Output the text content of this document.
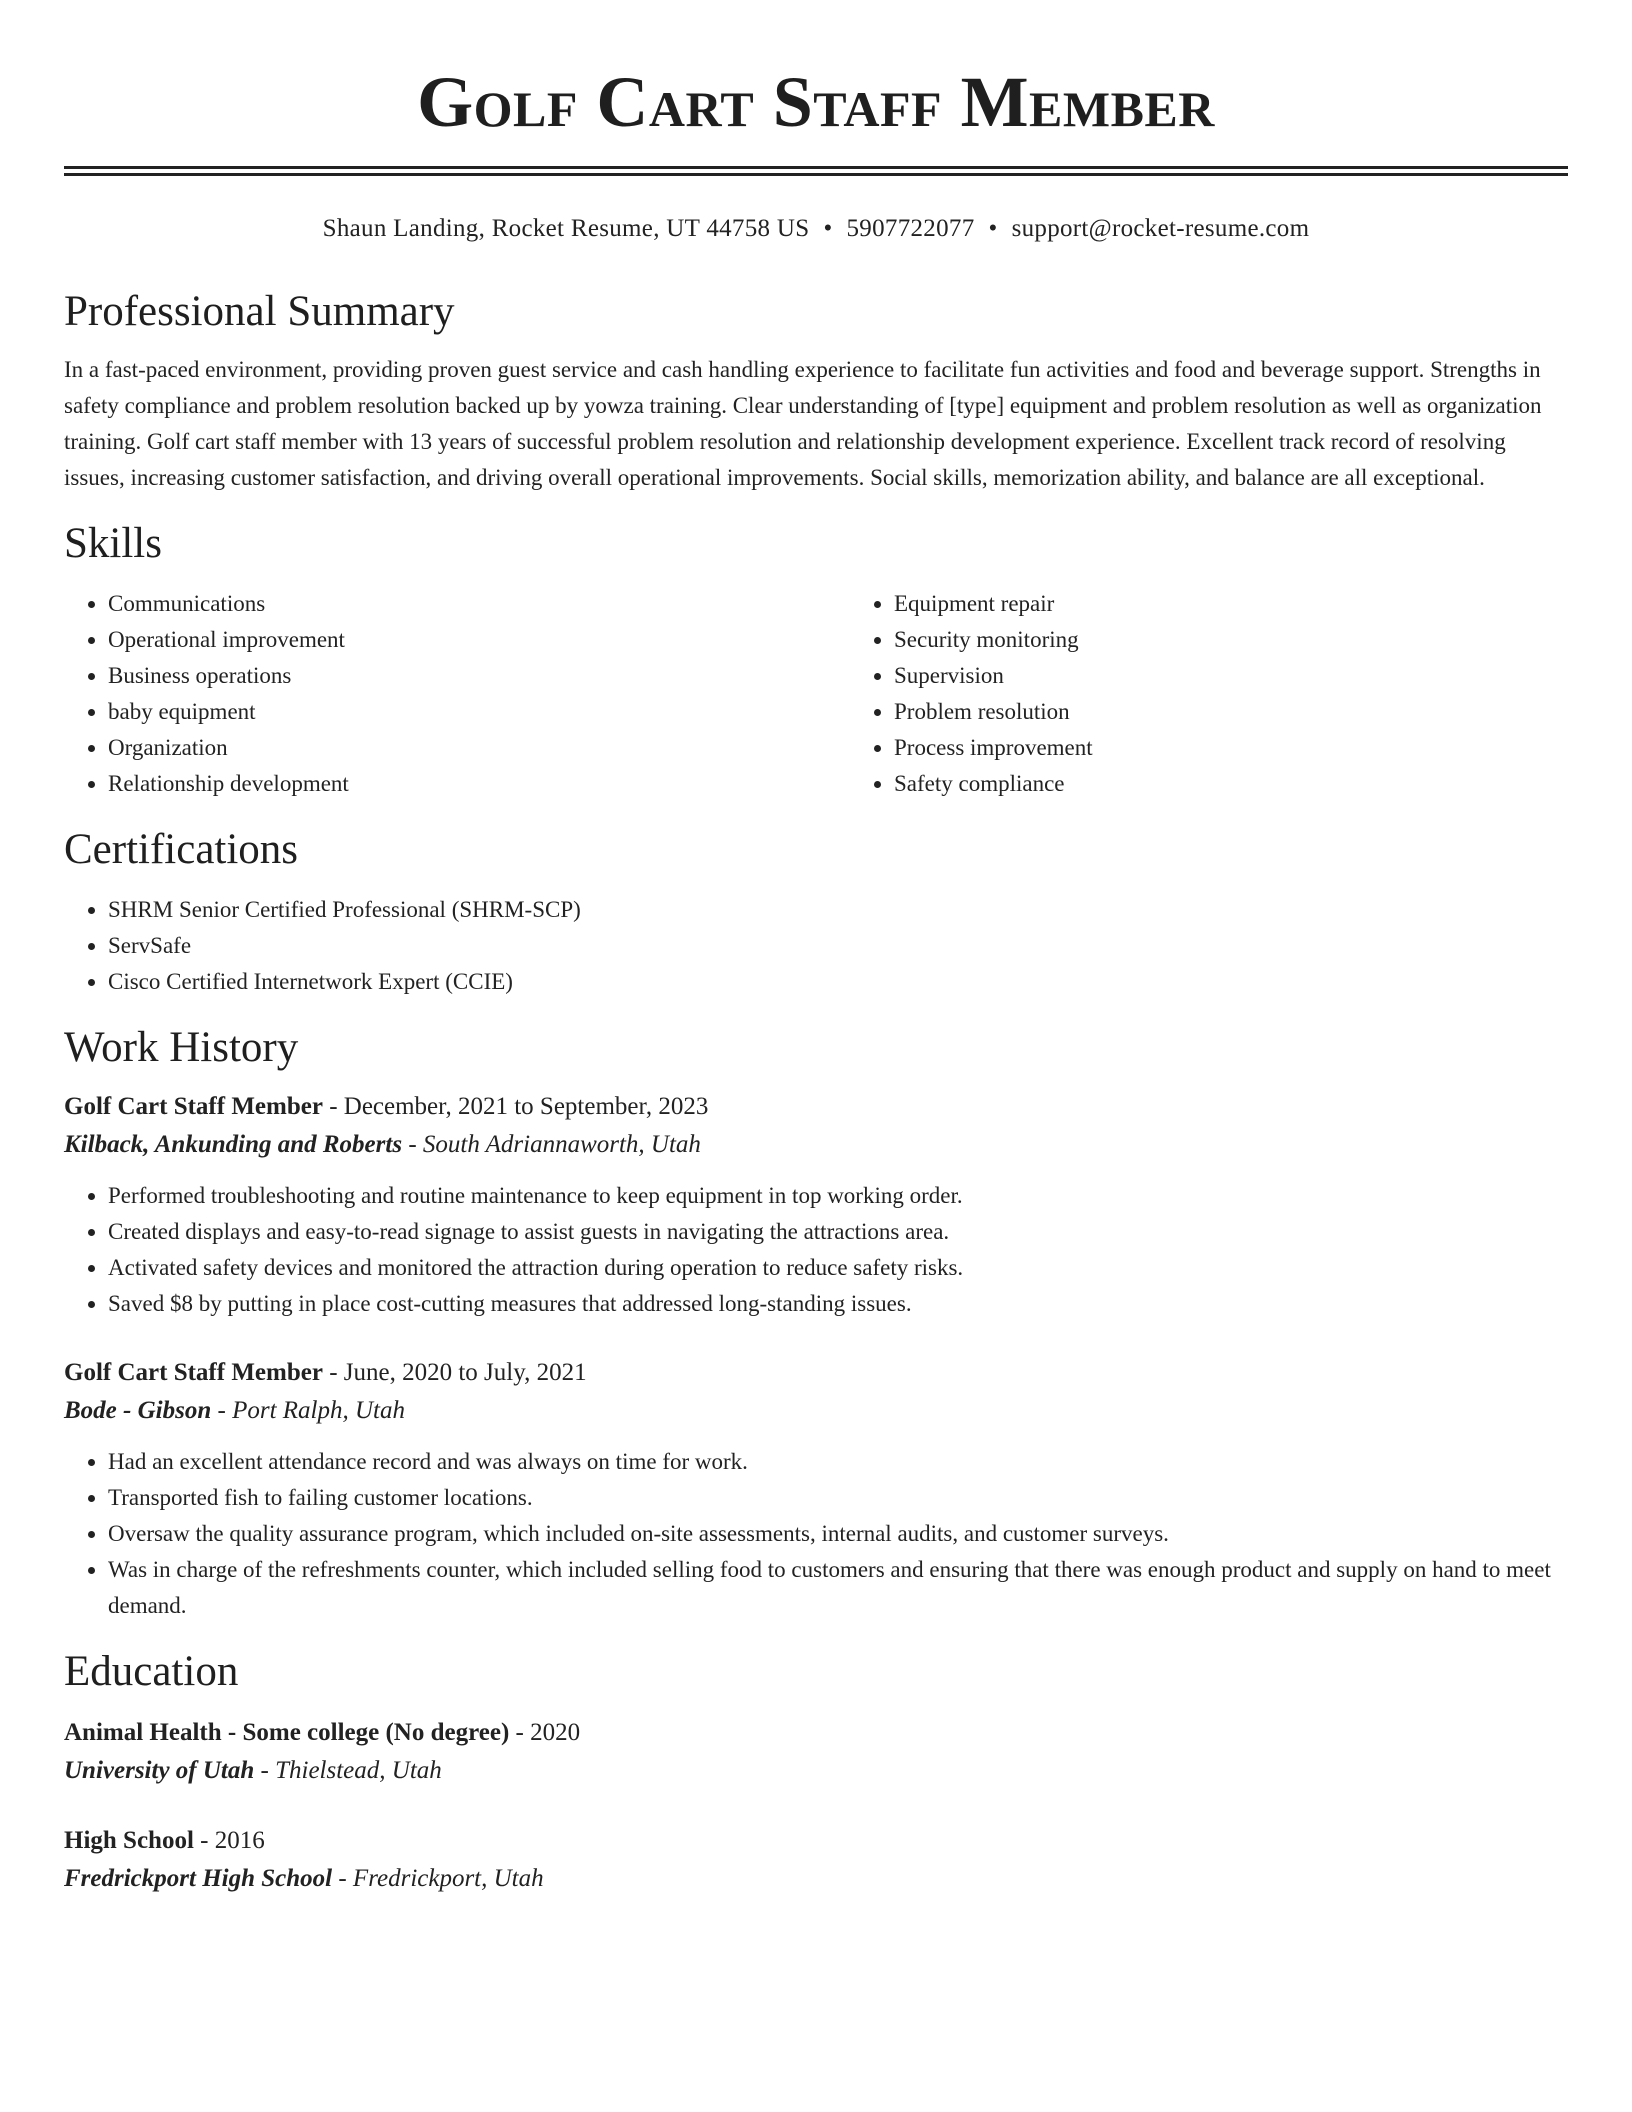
Golf Cart Staff Member
Shaun Landing, Rocket Resume, UT 44758 US • 5907722077 • support@rocket-resume.com
Professional Summary

In a fast-paced environment, providing proven guest service and cash handling experience to facilitate fun activities and food and beverage support. Strengths in safety compliance and problem resolution backed up by yowza training. Clear understanding of [type] equipment and problem resolution as well as organization training. Golf cart staff member with 13 years of successful problem resolution and relationship development experience. Excellent track record of resolving issues, increasing customer satisfaction, and driving overall operational improvements. Social skills, memorization ability, and balance are all exceptional.

Skills
• Communications
• Operational improvement
• Business operations
• baby equipment
• Organization
• Relationship development
• Equipment repair
• Security monitoring
• Supervision
• Problem resolution
• Process improvement
• Safety compliance
Certifications
• SHRM Senior Certified Professional (SHRM-SCP)
• ServSafe
• Cisco Certified Internetwork Expert (CCIE)
Work History
Golf Cart Staff Member - December, 2021 to September, 2023
Kilback, Ankunding and Roberts - South Adriannaworth, Utah
• Performed troubleshooting and routine maintenance to keep equipment in top working order.
• Created displays and easy-to-read signage to assist guests in navigating the attractions area.
• Activated safety devices and monitored the attraction during operation to reduce safety risks.
• Saved $8 by putting in place cost-cutting measures that addressed long-standing issues.
Golf Cart Staff Member - June, 2020 to July, 2021
Bode - Gibson - Port Ralph, Utah
• Had an excellent attendance record and was always on time for work.
• Transported fish to failing customer locations.
• Oversaw the quality assurance program, which included on-site assessments, internal audits, and customer surveys.
• Was in charge of the refreshments counter, which included selling food to customers and ensuring that there was enough product and supply on hand to meet demand.
Education
Animal Health - Some college (No degree) - 2020
University of Utah - Thielstead, Utah
High School - 2016
Fredrickport High School - Fredrickport, Utah
